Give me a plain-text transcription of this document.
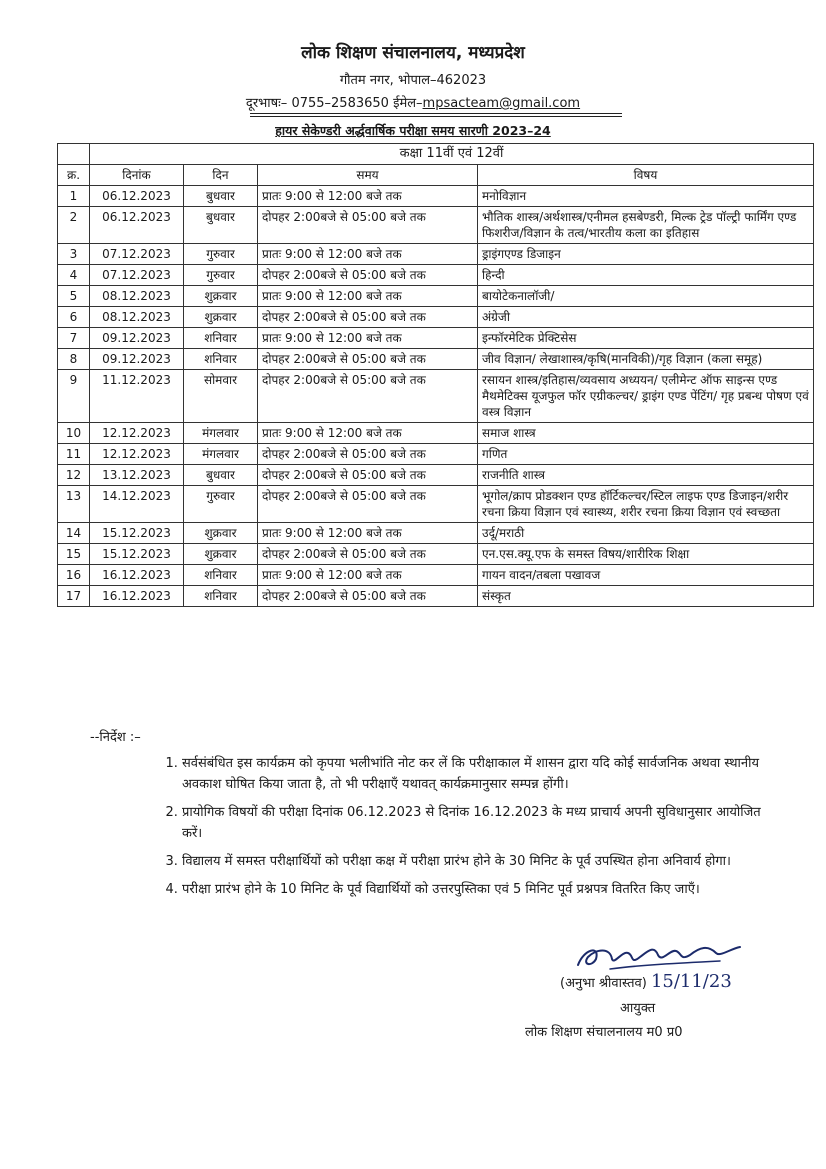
लोक शिक्षण संचालनालय, मध्यप्रदेश
गौतम नगर, भोपाल–462023
दूरभाषः– 0755–2583650 ईमेल–mpsacteam@gmail.com
हायर सेकेण्डरी अर्द्धवार्षिक परीक्षा समय सारणी 2023–24
	कक्षा 11वीं एवं 12वीं			
क्र.	दिनांक	दिन	समय	विषय
1	06.12.2023	बुधवार	प्रातः 9:00 से 12:00 बजे तक	मनोविज्ञान
2	06.12.2023	बुधवार	दोपहर 2:00बजे से 05:00 बजे तक	भौतिक शास्त्र/अर्थशास्त्र/एनीमल हसबेण्डरी, मिल्क ट्रेड पॉल्ट्री फार्मिंग एण्ड फिशरीज/विज्ञान के तत्व/भारतीय कला का इतिहास
3	07.12.2023	गुरुवार	प्रातः 9:00 से 12:00 बजे तक	ड्राइंगएण्ड डिजाइन
4	07.12.2023	गुरुवार	दोपहर 2:00बजे से 05:00 बजे तक	हिन्दी
5	08.12.2023	शुक्रवार	प्रातः 9:00 से 12:00 बजे तक	बायोटेकनालॉजी/
6	08.12.2023	शुक्रवार	दोपहर 2:00बजे से 05:00 बजे तक	अंग्रेजी
7	09.12.2023	शनिवार	प्रातः 9:00 से 12:00 बजे तक	इन्फॉरमेटिक प्रेक्टिसेस
8	09.12.2023	शनिवार	दोपहर 2:00बजे से 05:00 बजे तक	जीव विज्ञान/ लेखाशास्त्र/कृषि(मानविकी)/गृह विज्ञान (कला समूह)
9	11.12.2023	सोमवार	दोपहर 2:00बजे से 05:00 बजे तक	रसायन शास्त्र/इतिहास/व्यवसाय अध्ययन/ एलीमेन्ट ऑफ साइन्स एण्ड मैथमेटिक्स यूजफुल फॉर एग्रीकल्चर/ ड्राइंग एण्ड पेंटिंग/ गृह प्रबन्ध पोषण एवं वस्त्र विज्ञान
10	12.12.2023	मंगलवार	प्रातः 9:00 से 12:00 बजे तक	समाज शास्त्र
11	12.12.2023	मंगलवार	दोपहर 2:00बजे से 05:00 बजे तक	गणित
12	13.12.2023	बुधवार	दोपहर 2:00बजे से 05:00 बजे तक	राजनीति शास्त्र
13	14.12.2023	गुरुवार	दोपहर 2:00बजे से 05:00 बजे तक	भूगोल/क्राप प्रोडक्शन एण्ड हॉर्टिकल्चर/स्टिल लाइफ एण्ड डिजाइन/शरीर रचना क्रिया विज्ञान एवं स्वास्थ्य, शरीर रचना क्रिया विज्ञान एवं स्वच्छता
14	15.12.2023	शुक्रवार	प्रातः 9:00 से 12:00 बजे तक	उर्दू/मराठी
15	15.12.2023	शुक्रवार	दोपहर 2:00बजे से 05:00 बजे तक	एन.एस.क्यू.एफ के समस्त विषय/शारीरिक शिक्षा
16	16.12.2023	शनिवार	प्रातः 9:00 से 12:00 बजे तक	गायन वादन/तबला पखावज
17	16.12.2023	शनिवार	दोपहर 2:00बजे से 05:00 बजे तक	संस्कृत
--निर्देश :–
1. सर्वसंबंधित इस कार्यक्रम को कृपया भलीभांति नोट कर लें कि परीक्षाकाल में शासन द्वारा यदि कोई सार्वजनिक अथवा स्थानीय अवकाश घोषित किया जाता है, तो भी परीक्षाएँ यथावत् कार्यक्रमानुसार सम्पन्न होंगी।
2. प्रायोगिक विषयों की परीक्षा दिनांक 06.12.2023 से दिनांक 16.12.2023 के मध्य प्राचार्य अपनी सुविधानुसार आयोजित करें।
3. विद्यालय में समस्त परीक्षार्थियों को परीक्षा कक्ष में परीक्षा प्रारंभ होने के 30 मिनिट के पूर्व उपस्थित होना अनिवार्य होगा।
4. परीक्षा प्रारंभ होने के 10 मिनिट के पूर्व विद्यार्थियों को उत्तरपुस्तिका एवं 5 मिनिट पूर्व प्रश्नपत्र वितरित किए जाएँ।
(अनुभा श्रीवास्तव) 15/11/23
आयुक्त
लोक शिक्षण संचालनालय म0 प्र0
